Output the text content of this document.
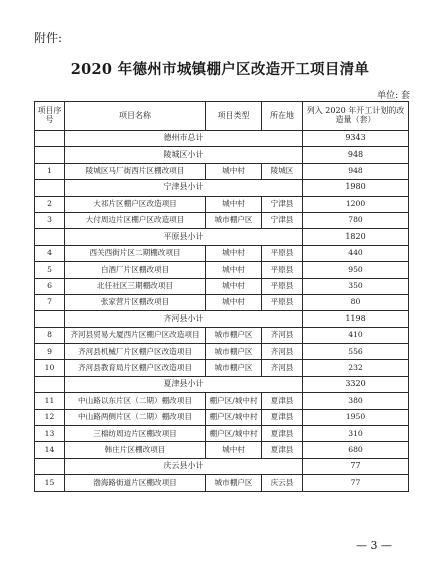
附件:
2020 年德州市城镇棚户区改造开工项目清单
单位: 套
项目序号	项目名称	项目类型	所在地	列入 2020 年开工计划的改造量（套）
	德州市总计			9343
	陵城区小计			948
1	陵城区马厂街西片区棚改项目	城中村	陵城区	948
	宁津县小计			1980
2	大祁片区棚户区改造项目	城中村	宁津县	1200
3	大付周边片区棚户区改造项目	城市棚户区	宁津县	780
	平原县小计			1820
4	西关西街片区二期棚改项目	城中村	平原县	440
5	白酒厂片区棚改项目	城中村	平原县	950
6	北任社区三期棚改项目	城中村	平原县	350
7	张家营片区棚改项目	城中村	平原县	80
	齐河县小计			1198
8	齐河县贸易大厦西片区棚户区改造项目	城市棚户区	齐河县	410
9	齐河县机械厂片区棚户区改造项目	城市棚户区	齐河县	556
10	齐河县教育局片区棚户区改造项目	城市棚户区	齐河县	232
	夏津县小计			3320
11	中山路以东片区（二期）棚改项目	棚户区/城中村	夏津县	380
12	中山路两侧片区（二期）棚改项目	棚户区/城中村	夏津县	1950
13	三棉纺周边片区棚改项目	棚户区/城中村	夏津县	310
14	韩庄片区棚改项目	城中村	夏津县	680
	庆云县小计			77
15	渤海路街道片区棚改项目	城市棚户区	庆云县	77
— 3 —
